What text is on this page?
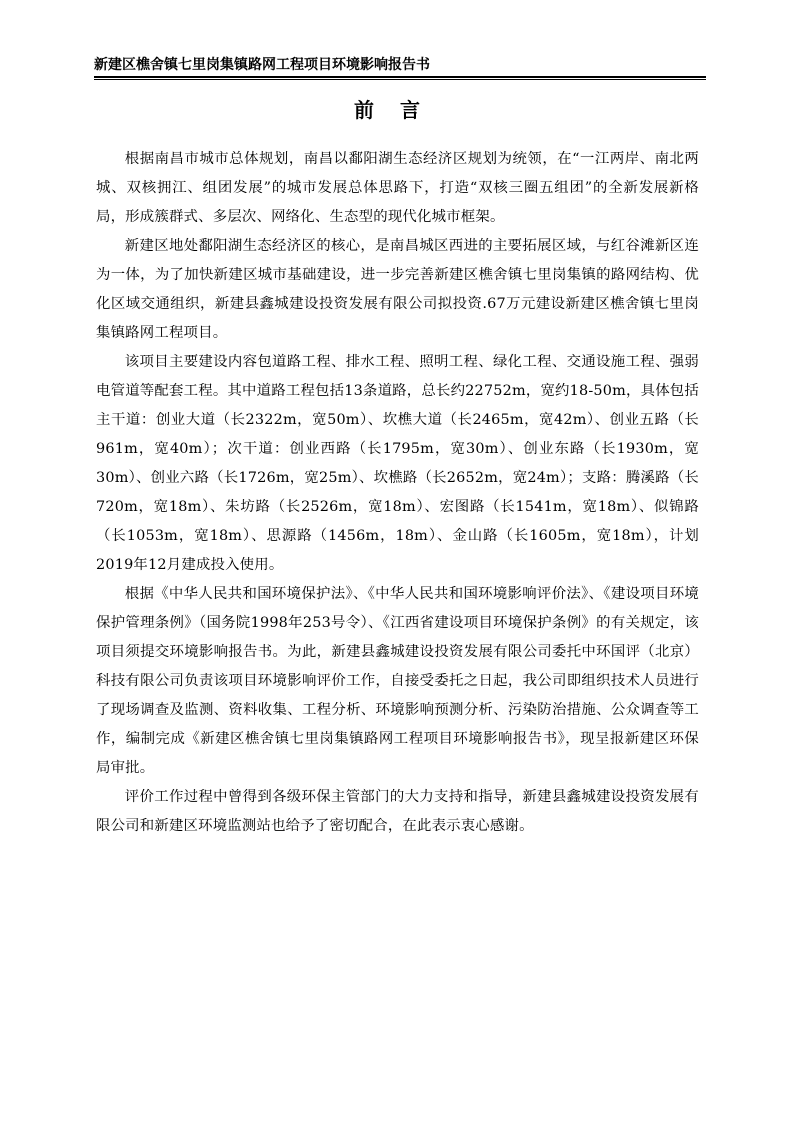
新建区樵舍镇七里岗集镇路网工程项目环境影响报告书
前言

根据南昌市城市总体规划，南昌以鄱阳湖生态经济区规划为统领，在“一江两岸、南北两城、双核拥江、组团发展”的城市发展总体思路下，打造“双核三圈五组团”的全新发展新格局，形成簇群式、多层次、网络化、生态型的现代化城市框架。

新建区地处鄱阳湖生态经济区的核心，是南昌城区西进的主要拓展区域，与红谷滩新区连为一体，为了加快新建区城市基础建设，进一步完善新建区樵舍镇七里岗集镇的路网结构、优化区域交通组织，新建县鑫城建设投资发展有限公司拟投资.67万元建设新建区樵舍镇七里岗集镇路网工程项目。

该项目主要建设内容包道路工程、排水工程、照明工程、绿化工程、交通设施工程、强弱电管道等配套工程。其中道路工程包括13条道路，总长约22752m，宽约18-50m，具体包括主干道：创业大道（长2322m，宽50m）、坎樵大道（长2465m，宽42m）、创业五路（长961m，宽40m）；次干道：创业西路（长1795m，宽30m）、创业东路（长1930m，宽30m）、创业六路（长1726m，宽25m）、坎樵路（长2652m，宽24m）；支路：腾溪路（长720m，宽18m）、朱坊路（长2526m，宽18m）、宏图路（长1541m，宽18m）、似锦路（长1053m，宽18m）、思源路（1456m，18m）、金山路（长1605m，宽18m），计划2019年12月建成投入使用。

根据《中华人民共和国环境保护法》、《中华人民共和国环境影响评价法》、《建设项目环境保护管理条例》（国务院1998年253号令）、《江西省建设项目环境保护条例》的有关规定，该项目须提交环境影响报告书。为此，新建县鑫城建设投资发展有限公司委托中环国评（北京）科技有限公司负责该项目环境影响评价工作，自接受委托之日起，我公司即组织技术人员进行了现场调查及监测、资料收集、工程分析、环境影响预测分析、污染防治措施、公众调查等工作，编制完成《新建区樵舍镇七里岗集镇路网工程项目环境影响报告书》，现呈报新建区环保局审批。

评价工作过程中曾得到各级环保主管部门的大力支持和指导，新建县鑫城建设投资发展有限公司和新建区环境监测站也给予了密切配合，在此表示衷心感谢。
